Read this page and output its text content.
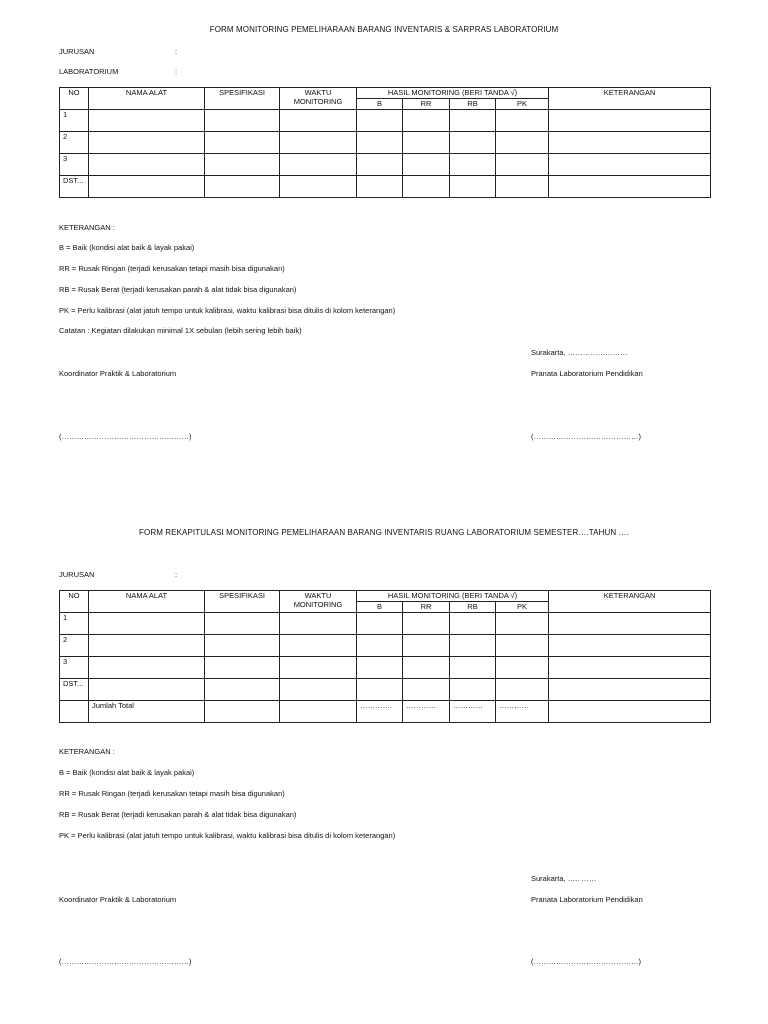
FORM MONITORING PEMELIHARAAN BARANG INVENTARIS & SARPRAS LABORATORIUM
JURUSAN	:
LABORATORIUM	:
NO	NAMA ALAT	SPESIFIKASI	WAKTU
MONITORING	HASIL MONITORING (BERI TANDA √)				KETERANGAN
				B	RR	RB	PK	
1								
2								
3								
DST...								
KETERANGAN :
B = Baik (kondisi alat baik & layak pakai)
RR = Rusak Ringan (terjadi kerusakan tetapi masih bisa digunakan)
RB = Rusak Berat (terjadi kerusakan parah & alat tidak bisa digunakan)
PK = Perlu kalibrasi (alat jatuh tempo untuk kalibrasi, waktu kalibrasi bisa ditulis di kolom keterangan)
Catatan : Kegiatan dilakukan minimal 1X sebulan (lebih sering lebih baik)
Surakarta, ……………………
Koordinator Praktik & Laboratorium	Pranata Laboratorium Pendidikan
(……………………………………………)	(……………………………………)
FORM REKAPITULASI MONITORING PEMELIHARAAN BARANG INVENTARIS RUANG LABORATORIUM SEMESTER….TAHUN ….
JURUSAN	:
NO	NAMA ALAT	SPESIFIKASI	WAKTU
MONITORING	HASIL MONITORING (BERI TANDA √)				KETERANGAN
				B	RR	RB	PK	
1								
2								
3								
DST...								
	Jumlah Total			………….	…………	…………	…………	
KETERANGAN :
B = Baik (kondisi alat baik & layak pakai)
RR = Rusak Ringan (terjadi kerusakan tetapi masih bisa digunakan)
RB = Rusak Berat (terjadi kerusakan parah & alat tidak bisa digunakan)
PK = Perlu kalibrasi (alat jatuh tempo untuk kalibrasi, waktu kalibrasi bisa ditulis di kolom keterangan)
Surakarta, ….. ……
Koordinator Praktik & Laboratorium	Pranata Laboratorium Pendidikan
(……………………………………………)	(……………………………………)
